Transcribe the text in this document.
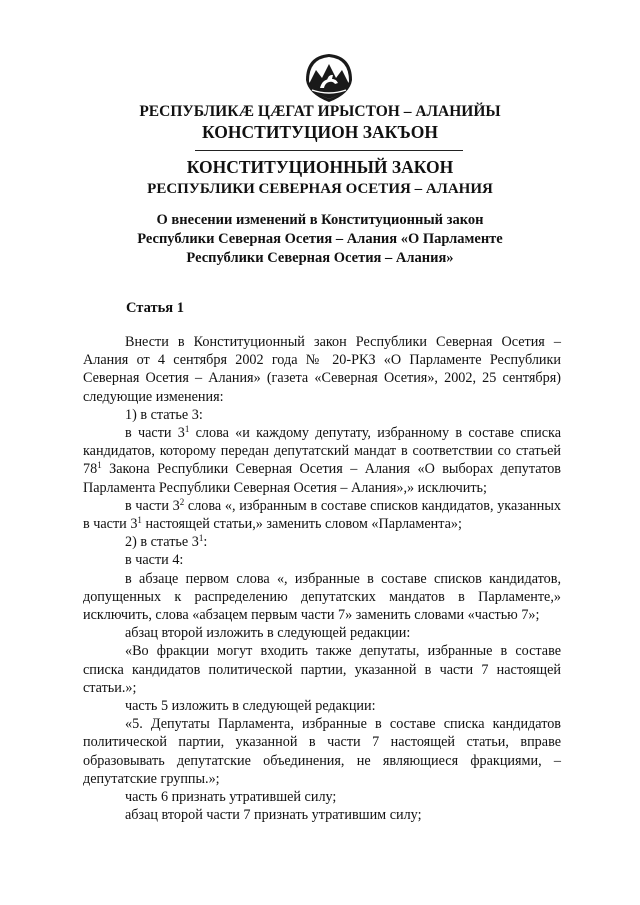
РЕСПУБЛИКÆ ЦÆГАТ ИРЫСТОН – АЛАНИЙЫ
КОНСТИТУЦИОН ЗАКЪОН
КОНСТИТУЦИОННЫЙ ЗАКОН
РЕСПУБЛИКИ СЕВЕРНАЯ ОСЕТИЯ – АЛАНИЯ
О внесении изменений в Конституционный закон
Республики Северная Осетия – Алания «О Парламенте
Республики Северная Осетия – Алания»
Статья 1

Внести в Конституционный закон Республики Северная Осетия – Алания от 4 сентября 2002 года № 20-РКЗ «О Парламенте Республики Северная Осетия – Алания» (газета «Северная Осетия», 2002, 25 сентября) следующие изменения:

1) в статье 3:

в части $3^1$ слова «и каждому депутату, избранному в составе списка кандидатов, которому передан депутатский мандат в соответствии со статьей $78^1$ Закона Республики Северная Осетия – Алания «О выборах депутатов Парламента Республики Северная Осетия – Алания»,» исключить;

в части $3^2$ слова «, избранным в составе списков кандидатов, указанных в части $3^1$ настоящей статьи,» заменить словом «Парламента»;

2) в статье $3^1$:

в части 4:

в абзаце первом слова «, избранные в составе списков кандидатов, допущенных к распределению депутатских мандатов в Парламенте,» исключить, слова «абзацем первым части 7» заменить словами «частью 7»;

абзац второй изложить в следующей редакции:

«Во фракции могут входить также депутаты, избранные в составе списка кандидатов политической партии, указанной в части 7 настоящей статьи.»;

часть 5 изложить в следующей редакции:

«5. Депутаты Парламента, избранные в составе списка кандидатов политической партии, указанной в части 7 настоящей статьи, вправе образовывать депутатские объединения, не являющиеся фракциями, – депутатские группы.»;

часть 6 признать утратившей силу;

абзац второй части 7 признать утратившим силу;
